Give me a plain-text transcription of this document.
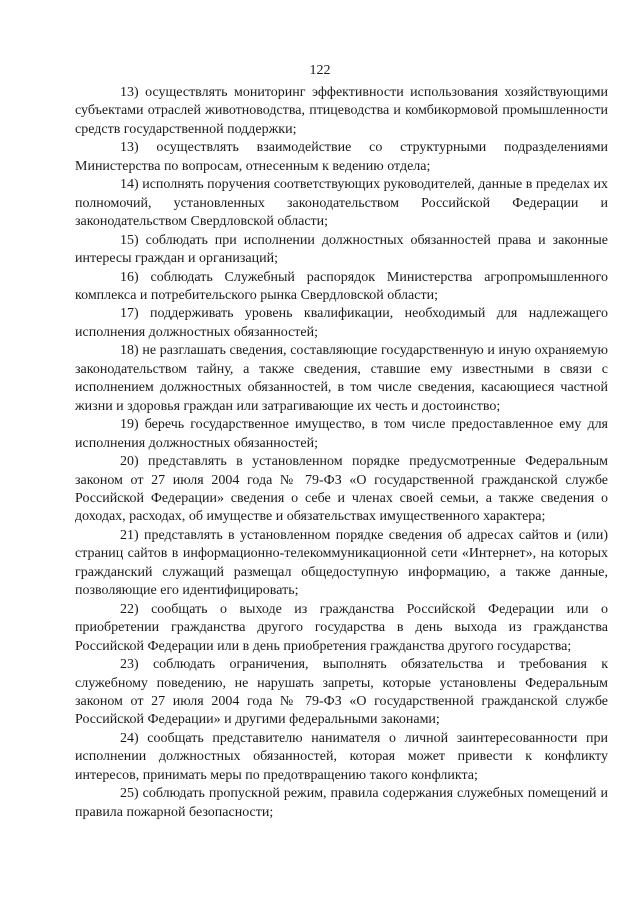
122

13) осуществлять мониторинг эффективности использования хозяйствующими субъектами отраслей животноводства, птицеводства и комбикормовой промышленности средств государственной поддержки;

13) осуществлять взаимодействие со структурными подразделениями Министерства по вопросам, отнесенным к ведению отдела;

14) исполнять поручения соответствующих руководителей, данные в пределах их полномочий, установленных законодательством Российской Федерации и законодательством Свердловской области;

15) соблюдать при исполнении должностных обязанностей права и законные интересы граждан и организаций;

16) соблюдать Служебный распорядок Министерства агропромышленного комплекса и потребительского рынка Свердловской области;

17) поддерживать уровень квалификации, необходимый для надлежащего исполнения должностных обязанностей;

18) не разглашать сведения, составляющие государственную и иную охраняемую законодательством тайну, а также сведения, ставшие ему известными в связи с исполнением должностных обязанностей, в том числе сведения, касающиеся частной жизни и здоровья граждан или затрагивающие их честь и достоинство;

19) беречь государственное имущество, в том числе предоставленное ему для исполнения должностных обязанностей;

20) представлять в установленном порядке предусмотренные Федеральным законом от 27 июля 2004 года № 79-ФЗ «О государственной гражданской службе Российской Федерации» сведения о себе и членах своей семьи, а также сведения о доходах, расходах, об имуществе и обязательствах имущественного характера;

21) представлять в установленном порядке сведения об адресах сайтов и (или) страниц сайтов в информационно-телекоммуникационной сети «Интернет», на которых гражданский служащий размещал общедоступную информацию, а также данные, позволяющие его идентифицировать;

22) сообщать о выходе из гражданства Российской Федерации или о приобретении гражданства другого государства в день выхода из гражданства Российской Федерации или в день приобретения гражданства другого государства;

23) соблюдать ограничения, выполнять обязательства и требования к служебному поведению, не нарушать запреты, которые установлены Федеральным законом от 27 июля 2004 года № 79-ФЗ «О государственной гражданской службе Российской Федерации» и другими федеральными законами;

24) сообщать представителю нанимателя о личной заинтересованности при исполнении должностных обязанностей, которая может привести к конфликту интересов, принимать меры по предотвращению такого конфликта;

25) соблюдать пропускной режим, правила содержания служебных помещений и правила пожарной безопасности;
